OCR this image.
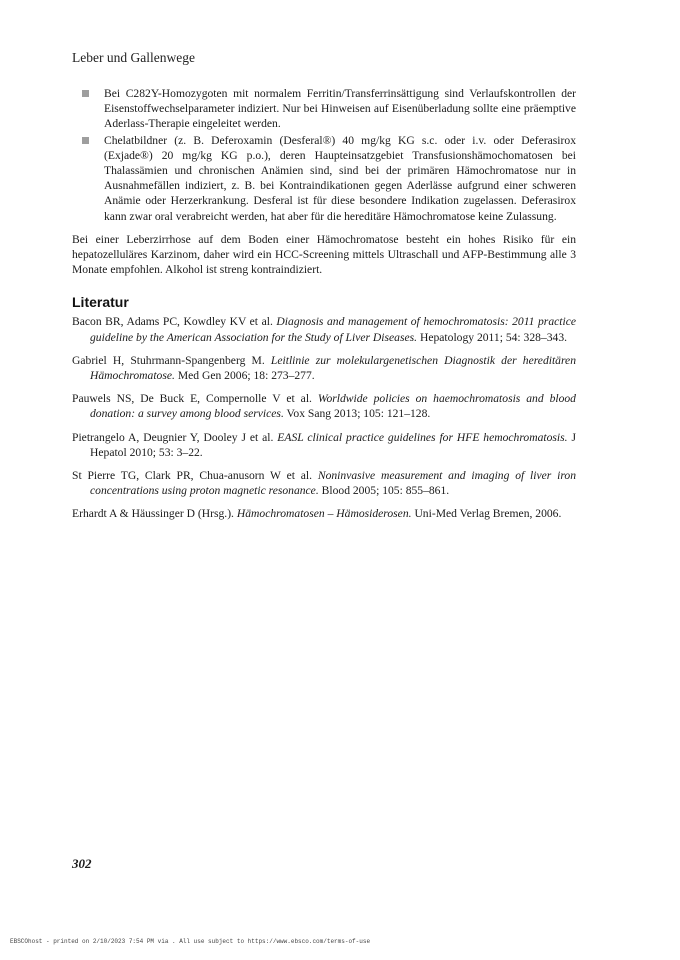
Leber und Gallenwege
Bei C282Y-Homozygoten mit normalem Ferritin/Transferrinsättigung sind Verlaufskontrollen der Eisenstoffwechselparameter indiziert. Nur bei Hinweisen auf Eisenüberladung sollte eine präemptive Aderlass-Therapie eingeleitet werden.
Chelatbildner (z. B. Deferoxamin (Desferal®) 40 mg/kg KG s.c. oder i.v. oder Deferasirox (Exjade®) 20 mg/kg KG p.o.), deren Haupteinsatzgebiet Transfusionshämochomatosen bei Thalassämien und chronischen Anämien sind, sind bei der primären Hämochromatose nur in Ausnahmefällen indiziert, z. B. bei Kontraindikationen gegen Aderlässe aufgrund einer schweren Anämie oder Herzerkrankung. Desferal ist für diese besondere Indikation zugelassen. Deferasirox kann zwar oral verabreicht werden, hat aber für die hereditäre Hämochromatose keine Zulassung.

Bei einer Leberzirrhose auf dem Boden einer Hämochromatose besteht ein hohes Risiko für ein hepatozelluläres Karzinom, daher wird ein HCC-Screening mittels Ultraschall und AFP-Bestimmung alle 3 Monate empfohlen. Alkohol ist streng kontraindiziert.

Literatur
Bacon BR, Adams PC, Kowdley KV et al. Diagnosis and management of hemochromatosis: 2011 practice guideline by the American Association for the Study of Liver Diseases. Hepatology 2011; 54: 328–343.
Gabriel H, Stuhrmann-Spangenberg M. Leitlinie zur molekulargenetischen Diagnostik der hereditären Hämochromatose. Med Gen 2006; 18: 273–277.
Pauwels NS, De Buck E, Compernolle V et al. Worldwide policies on haemochromatosis and blood donation: a survey among blood services. Vox Sang 2013; 105: 121–128.
Pietrangelo A, Deugnier Y, Dooley J et al. EASL clinical practice guidelines for HFE hemochromatosis. J Hepatol 2010; 53: 3–22.
St Pierre TG, Clark PR, Chua-anusorn W et al. Noninvasive measurement and imaging of liver iron concentrations using proton magnetic resonance. Blood 2005; 105: 855–861.
Erhardt A & Häussinger D (Hrsg.). Hämochromatosen – Hämosiderosen. Uni-Med Verlag Bremen, 2006.
302
EBSCOhost - printed on 2/10/2023 7:54 PM via . All use subject to https://www.ebsco.com/terms-of-use
